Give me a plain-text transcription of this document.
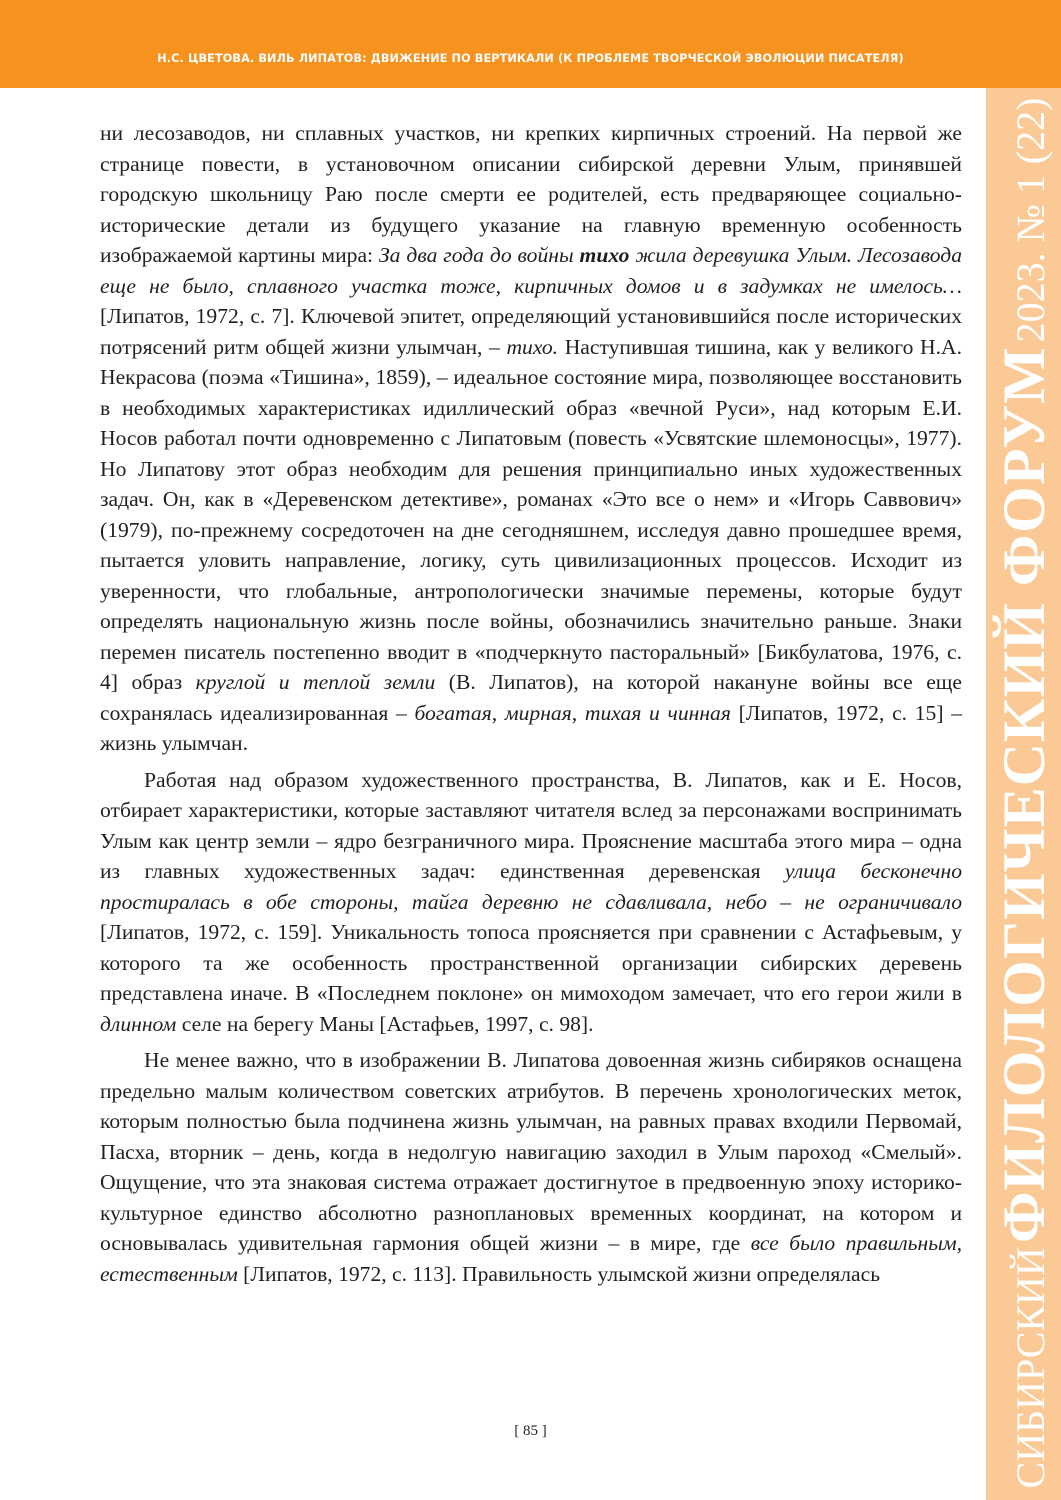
Н.С. ЦВЕТОВА. ВИЛЬ ЛИПАТОВ: ДВИЖЕНИЕ ПО ВЕРТИКАЛИ (К ПРОБЛЕМЕ ТВОРЧЕСКОЙ ЭВОЛЮЦИИ ПИСАТЕЛЯ)
СИБИРСКИЙ ФИЛОЛОГИЧЕСКИЙ ФОРУМ 2023. № 1 (22)

ни лесозаводов, ни сплавных участков, ни крепких кирпичных строений. На первой же странице повести, в установочном описании сибирской деревни Улым, принявшей городскую школьницу Раю после смерти ее родителей, есть предваряющее социально-исторические детали из будущего указание на главную временную особенность изображаемой картины мира: За два года до войны тихо жила деревушка Улым. Лесозавода еще не было, сплавного участка тоже, кирпичных домов и в задумках не имелось… [Липатов, 1972, с. 7]. Ключевой эпитет, определяющий установившийся после исторических потрясений ритм общей жизни улымчан, – тихо. Наступившая тишина, как у великого Н.А. Некрасова (поэма «Тишина», 1859), – идеальное состояние мира, позволяющее восстановить в необходимых характеристиках идиллический образ «вечной Руси», над которым Е.И. Носов работал почти одновременно с Липатовым (повесть «Усвятские шлемоносцы», 1977). Но Липатову этот образ необходим для решения принципиально иных художественных задач. Он, как в «Деревенском детективе», романах «Это все о нем» и «Игорь Саввович» (1979), по-прежнему сосредоточен на дне сегодняшнем, исследуя давно прошедшее время, пытается уловить направление, логику, суть цивилизационных процессов. Исходит из уверенности, что глобальные, антропологически значимые перемены, которые будут определять национальную жизнь после войны, обозначились значительно раньше. Знаки перемен писатель постепенно вводит в «подчеркнуто пасторальный» [Бикбулатова, 1976, с. 4] образ круглой и теплой земли (В. Липатов), на которой накануне войны все еще сохранялась идеализированная – богатая, мирная, тихая и чинная [Липатов, 1972, с. 15] – жизнь улымчан.

Работая над образом художественного пространства, В. Липатов, как и Е. Носов, отбирает характеристики, которые заставляют читателя вслед за персонажами воспринимать Улым как центр земли – ядро безграничного мира. Прояснение масштаба этого мира – одна из главных художественных задач: единственная деревенская улица бесконечно простиралась в обе стороны, тайга деревню не сдавливала, небо – не ограничивало [Липатов, 1972, с. 159]. Уникальность топоса проясняется при сравнении с Астафьевым, у которого та же особенность пространственной организации сибирских деревень представлена иначе. В «Последнем поклоне» он мимоходом замечает, что его герои жили в длинном селе на берегу Маны [Астафьев, 1997, с. 98].

Не менее важно, что в изображении В. Липатова довоенная жизнь сибиряков оснащена предельно малым количеством советских атрибутов. В перечень хронологических меток, которым полностью была подчинена жизнь улымчан, на равных правах входили Первомай, Пасха, вторник – день, когда в недолгую навигацию заходил в Улым пароход «Смелый». Ощущение, что эта знаковая система отражает достигнутое в предвоенную эпоху историко-культурное единство абсолютно разноплановых временных координат, на котором и основывалась удивительная гармония общей жизни – в мире, где все было правильным, естественным [Липатов, 1972, с. 113]. Правильность улымской жизни определялась

[ 85 ]
